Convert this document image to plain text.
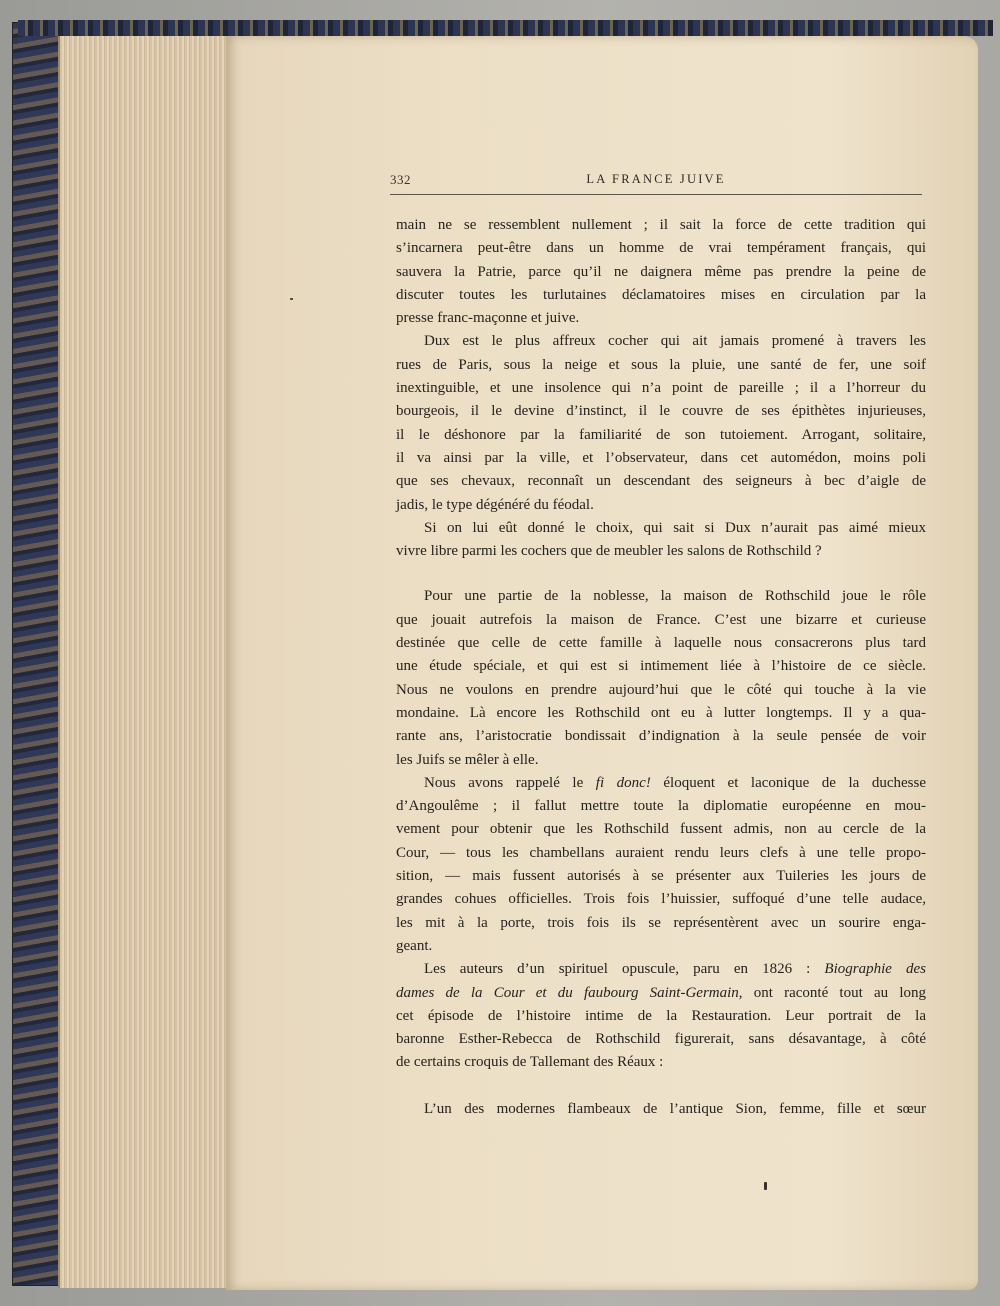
332	LA FRANCE JUIVE
main ne se ressemblent nullement ; il sait la force de cette tradition qui
s’incarnera peut-être dans un homme de vrai tempérament français, qui
sauvera la Patrie, parce qu’il ne daignera même pas prendre la peine de
discuter toutes les turlutaines déclamatoires mises en circulation par la
presse franc-maçonne et juive.
Dux est le plus affreux cocher qui ait jamais promené à travers les
rues de Paris, sous la neige et sous la pluie, une santé de fer, une soif
inextinguible, et une insolence qui n’a point de pareille ; il a l’horreur du
bourgeois, il le devine d’instinct, il le couvre de ses épithètes injurieuses,
il le déshonore par la familiarité de son tutoiement. Arrogant, solitaire,
il va ainsi par la ville, et l’observateur, dans cet automédon, moins poli
que ses chevaux, reconnaît un descendant des seigneurs à bec d’aigle de
jadis, le type dégénéré du féodal.
Si on lui eût donné le choix, qui sait si Dux n’aurait pas aimé mieux
vivre libre parmi les cochers que de meubler les salons de Rothschild ?
Pour une partie de la noblesse, la maison de Rothschild joue le rôle
que jouait autrefois la maison de France. C’est une bizarre et curieuse
destinée que celle de cette famille à laquelle nous consacrerons plus tard
une étude spéciale, et qui est si intimement liée à l’histoire de ce siècle.
Nous ne voulons en prendre aujourd’hui que le côté qui touche à la vie
mondaine. Là encore les Rothschild ont eu à lutter longtemps. Il y a qua-
rante ans, l’aristocratie bondissait d’indignation à la seule pensée de voir
les Juifs se mêler à elle.
Nous avons rappelé le fi donc! éloquent et laconique de la duchesse
d’Angoulême ; il fallut mettre toute la diplomatie européenne en mou-
vement pour obtenir que les Rothschild fussent admis, non au cercle de la
Cour, — tous les chambellans auraient rendu leurs clefs à une telle propo-
sition, — mais fussent autorisés à se présenter aux Tuileries les jours de
grandes cohues officielles. Trois fois l’huissier, suffoqué d’une telle audace,
les mit à la porte, trois fois ils se représentèrent avec un sourire enga-
geant.
Les auteurs d’un spirituel opuscule, paru en 1826 : Biographie des
dames de la Cour et du faubourg Saint-Germain, ont raconté tout au long
cet épisode de l’histoire intime de la Restauration. Leur portrait de la
baronne Esther-Rebecca de Rothschild figurerait, sans désavantage, à côté
de certains croquis de Tallemant des Réaux :
L’un des modernes flambeaux de l’antique Sion, femme, fille et sœur
